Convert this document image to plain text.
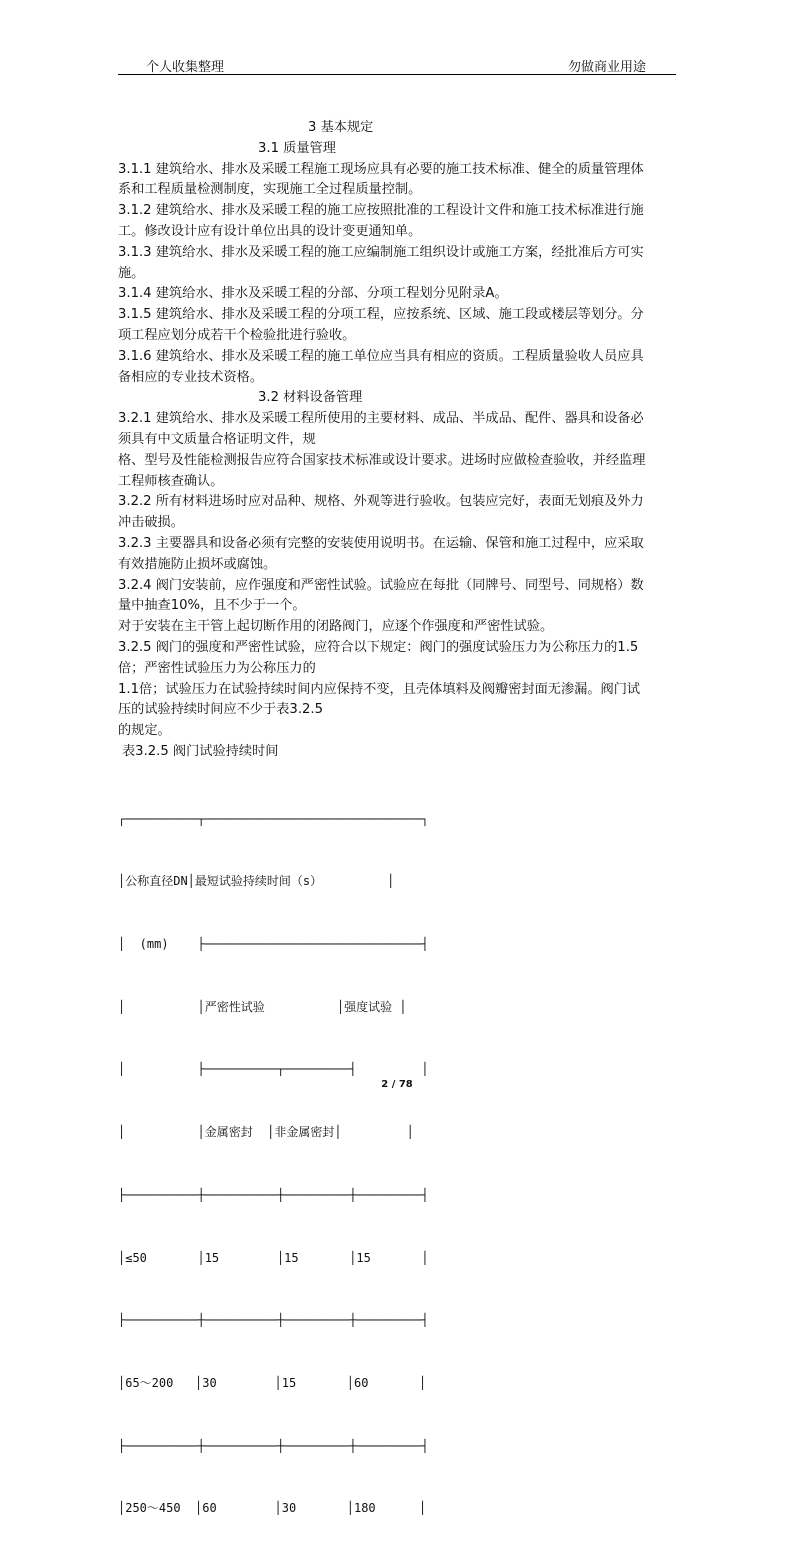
个人收集整理	勿做商业用途

3 基本规定

3.1 质量管理

3.1.1 建筑给水、排水及采暖工程施工现场应具有必要的施工技术标准、健全的质量管理体

系和工程质量检测制度，实现施工全过程质量控制。

3.1.2 建筑给水、排水及采暖工程的施工应按照批准的工程设计文件和施工技术标准进行施

工。修改设计应有设计单位出具的设计变更通知单。

3.1.3 建筑给水、排水及采暖工程的施工应编制施工组织设计或施工方案，经批准后方可实

施。

3.1.4 建筑给水、排水及采暖工程的分部、分项工程划分见附录A。

3.1.5 建筑给水、排水及采暖工程的分项工程，应按系统、区域、施工段或楼层等划分。分

项工程应划分成若干个检验批进行验收。

3.1.6 建筑给水、排水及采暖工程的施工单位应当具有相应的资质。工程质量验收人员应具

备相应的专业技术资格。

3.2 材料设备管理

3.2.1 建筑给水、排水及采暖工程所使用的主要材料、成品、半成品、配件、器具和设备必

须具有中文质量合格证明文件，规

格、型号及性能检测报告应符合国家技术标准或设计要求。进场时应做检查验收，并经监理

工程师核查确认。

3.2.2 所有材料进场时应对品种、规格、外观等进行验收。包装应完好，表面无划痕及外力

冲击破损。

3.2.3 主要器具和设备必须有完整的安装使用说明书。在运输、保管和施工过程中，应采取

有效措施防止损坏或腐蚀。

3.2.4 阀门安装前，应作强度和严密性试验。试验应在每批（同牌号、同型号、同规格）数

量中抽查10%，且不少于一个。

对于安装在主干管上起切断作用的闭路阀门，应逐个作强度和严密性试验。

3.2.5 阀门的强度和严密性试验，应符合以下规定：阀门的强度试验压力为公称压力的1.5

倍；严密性试验压力为公称压力的

1.1倍；试验压力在试验持续时间内应保持不变，且壳体填料及阀瓣密封面无渗漏。阀门试

压的试验持续时间应不少于表3.2.5

的规定。

表3.2.5 阀门试验持续时间

┌──────────┬──────────────────────────────┐

│公称直径DN│最短试验持续时间（s）         │

│  (mm)    ├──────────────────────────────┤

│          │严密性试验          │强度试验 │

│          ├──────────┬─────────┤         │

│          │金属密封  │非金属密封│         │

├──────────┼──────────┼─────────┼─────────┤

│≤50       │15        │15       │15       │

├──────────┼──────────┼─────────┼─────────┤

│65～200   │30        │15       │60       │

├──────────┼──────────┼─────────┼─────────┤

│250～450  │60        │30       │180      │

2 / 78
